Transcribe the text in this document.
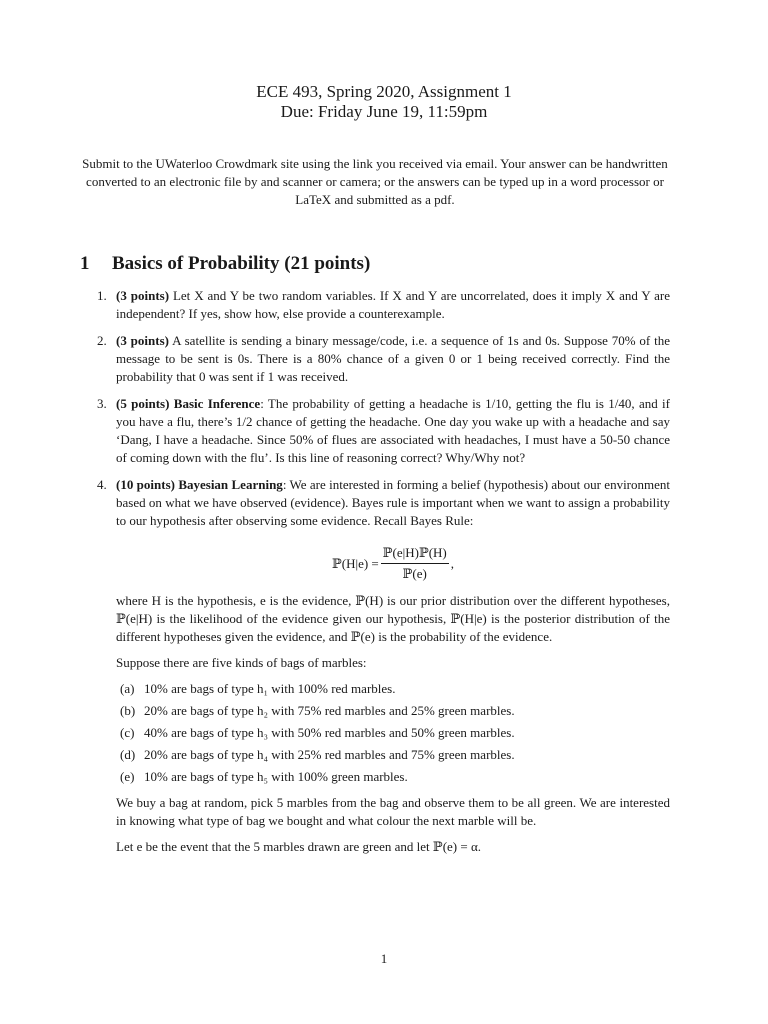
ECE 493, Spring 2020, Assignment 1
Due: Friday June 19, 11:59pm
Submit to the UWaterloo Crowdmark site using the link you received via email. Your answer can be handwritten converted to an electronic file by and scanner or camera; or the answers can be typed up in a word processor or LaTeX and submitted as a pdf.
1 Basics of Probability (21 points)
1. (3 points) Let X and Y be two random variables. If X and Y are uncorrelated, does it imply X and Y are independent? If yes, show how, else provide a counterexample.

2. (3 points) A satellite is sending a binary message/code, i.e. a sequence of 1s and 0s. Suppose 70% of the message to be sent is 0s. There is a 80% chance of a given 0 or 1 being received correctly. Find the probability that 0 was sent if 1 was received.

3. (5 points) Basic Inference: The probability of getting a headache is 1/10, getting the flu is 1/40, and if you have a flu, there’s 1/2 chance of getting the headache. One day you wake up with a headache and say ‘Dang, I have a headache. Since 50% of flues are associated with headaches, I must have a 50-50 chance of coming down with the flu’. Is this line of reasoning correct? Why/Why not?

4. (10 points) Bayesian Learning: We are interested in forming a belief (hypothesis) about our environment based on what we have observed (evidence). Bayes rule is important when we want to assign a probability to our hypothesis after observing some evidence. Recall Bayes Rule:

ℙ(H|e) = $\frac{\text{ℙ(e|H)ℙ(H)}}{\text{ℙ(e)}}$ ,

where H is the hypothesis, e is the evidence, ℙ(H) is our prior distribution over the different hypotheses, ℙ(e|H) is the likelihood of the evidence given our hypothesis, ℙ(H|e) is the posterior distribution of the different hypotheses given the evidence, and ℙ(e) is the probability of the evidence.

Suppose there are five kinds of bags of marbles:

(a) 10% are bags of type h₁ with 100% red marbles.
(b) 20% are bags of type h₂ with 75% red marbles and 25% green marbles.
(c) 40% are bags of type h₃ with 50% red marbles and 50% green marbles.
(d) 20% are bags of type h₄ with 25% red marbles and 75% green marbles.
(e) 10% are bags of type h₅ with 100% green marbles.

We buy a bag at random, pick 5 marbles from the bag and observe them to be all green. We are interested in knowing what type of bag we bought and what colour the next marble will be.

Let e be the event that the 5 marbles drawn are green and let ℙ(e) = α.

1
